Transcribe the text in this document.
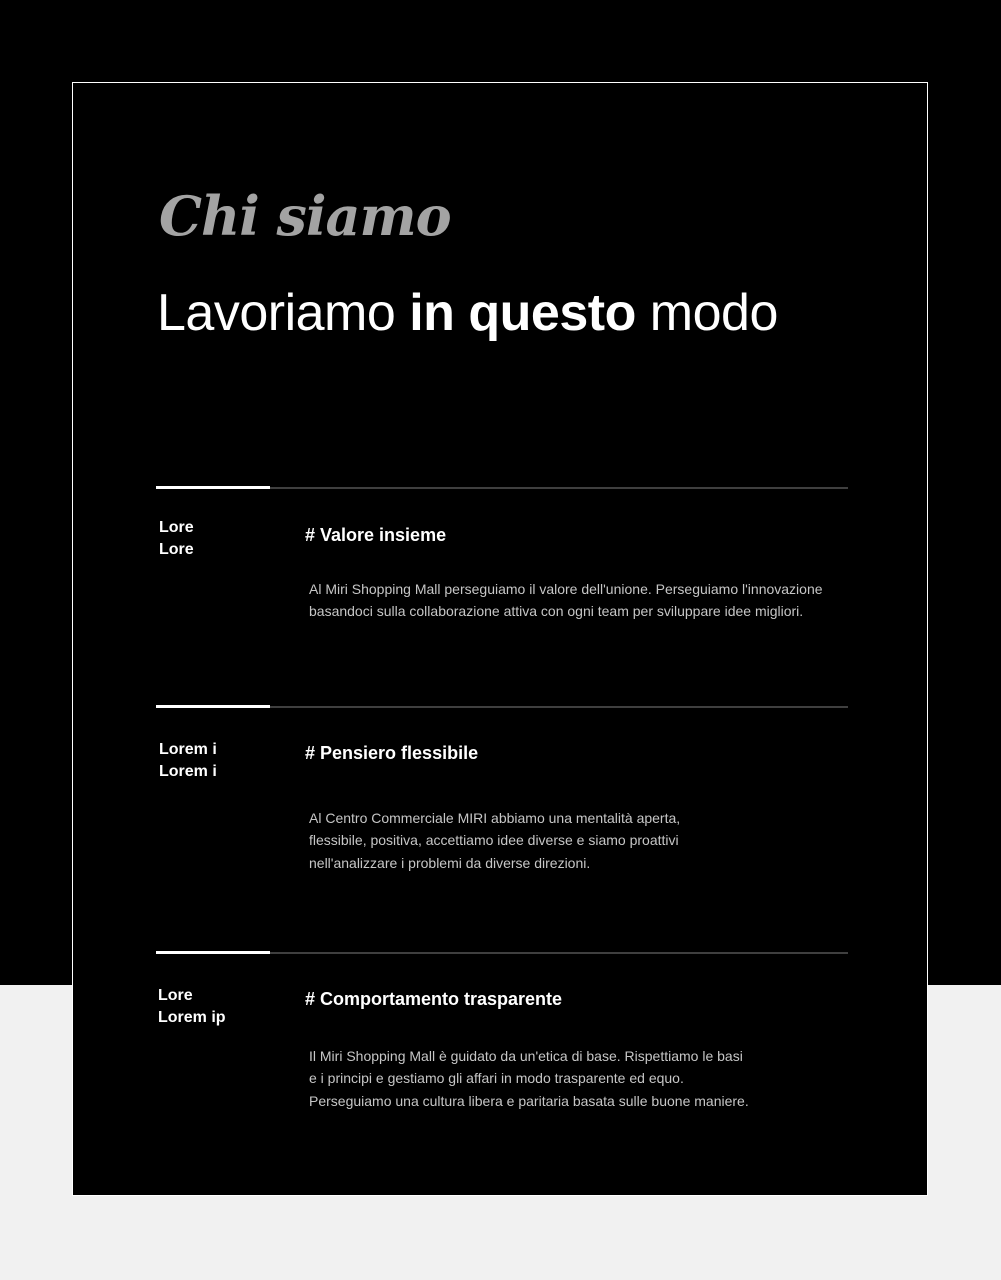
Chi siamo
Lavoriamo in questo modo

Lore
Lore

# Valore insieme

Al Miri Shopping Mall perseguiamo il valore dell'unione. Perseguiamo l'innovazione
basandoci sulla collaborazione attiva con ogni team per sviluppare idee migliori.

Lorem i
Lorem i

# Pensiero flessibile

Al Centro Commerciale MIRI abbiamo una mentalità aperta,
flessibile, positiva, accettiamo idee diverse e siamo proattivi
nell'analizzare i problemi da diverse direzioni.

Lore
Lorem ip

# Comportamento trasparente

Il Miri Shopping Mall è guidato da un'etica di base. Rispettiamo le basi
e i principi e gestiamo gli affari in modo trasparente ed equo.
Perseguiamo una cultura libera e paritaria basata sulle buone maniere.
